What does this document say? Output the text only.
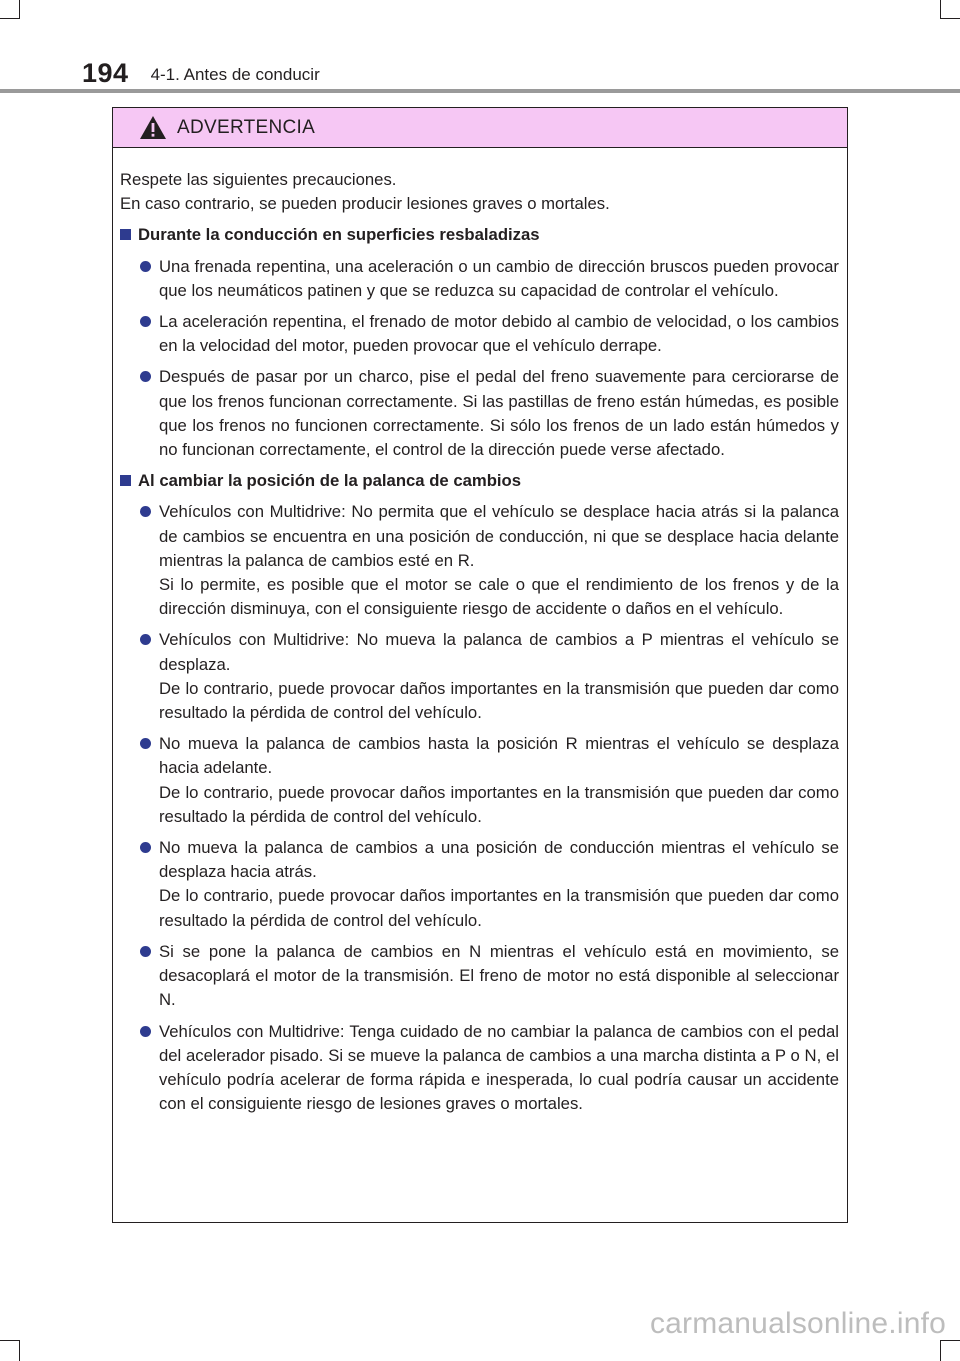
194 4-1. Antes de conducir
ADVERTENCIA

Respete las siguientes precauciones.

En caso contrario, se pueden producir lesiones graves o mortales.

Durante la conducción en superficies resbaladizas

Una frenada repentina, una aceleración o un cambio de dirección bruscos pueden provocar que los neumáticos patinen y que se reduzca su capacidad de controlar el vehículo.

La aceleración repentina, el frenado de motor debido al cambio de velocidad, o los cambios en la velocidad del motor, pueden provocar que el vehículo derrape.

Después de pasar por un charco, pise el pedal del freno suavemente para cerciorarse de que los frenos funcionan correctamente. Si las pastillas de freno están húmedas, es posible que los frenos no funcionen correctamente. Si sólo los frenos de un lado están húmedos y no funcionan correctamente, el control de la dirección puede verse afectado.

Al cambiar la posición de la palanca de cambios

Vehículos con Multidrive: No permita que el vehículo se desplace hacia atrás si la palanca de cambios se encuentra en una posición de conducción, ni que se desplace hacia delante mientras la palanca de cambios esté en R.

Si lo permite, es posible que el motor se cale o que el rendimiento de los frenos y de la dirección disminuya, con el consiguiente riesgo de accidente o daños en el vehículo.

Vehículos con Multidrive: No mueva la palanca de cambios a P mientras el vehículo se desplaza.

De lo contrario, puede provocar daños importantes en la transmisión que pueden dar como resultado la pérdida de control del vehículo.

No mueva la palanca de cambios hasta la posición R mientras el vehículo se desplaza hacia adelante.

De lo contrario, puede provocar daños importantes en la transmisión que pueden dar como resultado la pérdida de control del vehículo.

No mueva la palanca de cambios a una posición de conducción mientras el vehículo se desplaza hacia atrás.

De lo contrario, puede provocar daños importantes en la transmisión que pueden dar como resultado la pérdida de control del vehículo.

Si se pone la palanca de cambios en N mientras el vehículo está en movimiento, se desacoplará el motor de la transmisión. El freno de motor no está disponible al seleccionar N.

Vehículos con Multidrive: Tenga cuidado de no cambiar la palanca de cambios con el pedal del acelerador pisado. Si se mueve la palanca de cambios a una marcha distinta a P o N, el vehículo podría acelerar de forma rápida e inesperada, lo cual podría causar un accidente con el consiguiente riesgo de lesiones graves o mortales.

carmanualsonline.info
